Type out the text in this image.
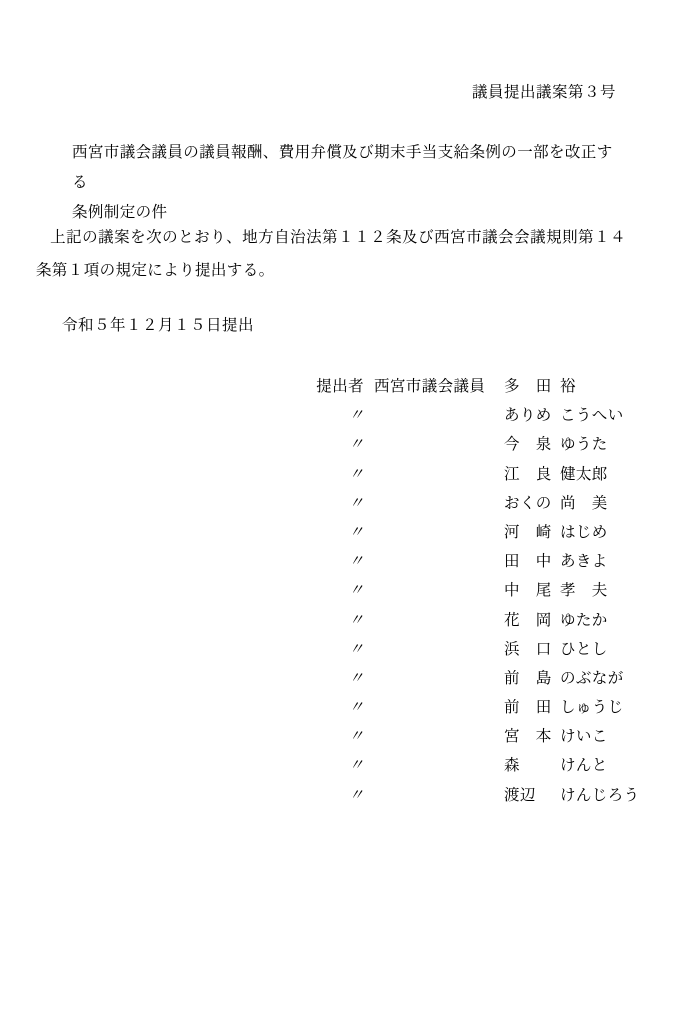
議員提出議案第３号
西宮市議会議員の議員報酬、費用弁償及び期末手当支給条例の一部を改正する
条例制定の件
上記の議案を次のとおり、地方自治法第１１２条及び西宮市議会会議規則第１４条第１項の規定により提出する。
令和５年１２月１５日提出
提出者 西宮市議会議員	多　田 裕
〃	ありめ こうへい
〃	今　泉 ゆうた
〃	江　良 健太郎
〃	おくの 尚　美
〃	河　崎 はじめ
〃	田　中 あきよ
〃	中　尾 孝　夫
〃	花　岡 ゆたか
〃	浜　口 ひとし
〃	前　島 のぶなが
〃	前　田 しゅうじ
〃	宮　本 けいこ
〃	森	けんと
〃	渡辺	けんじろう
